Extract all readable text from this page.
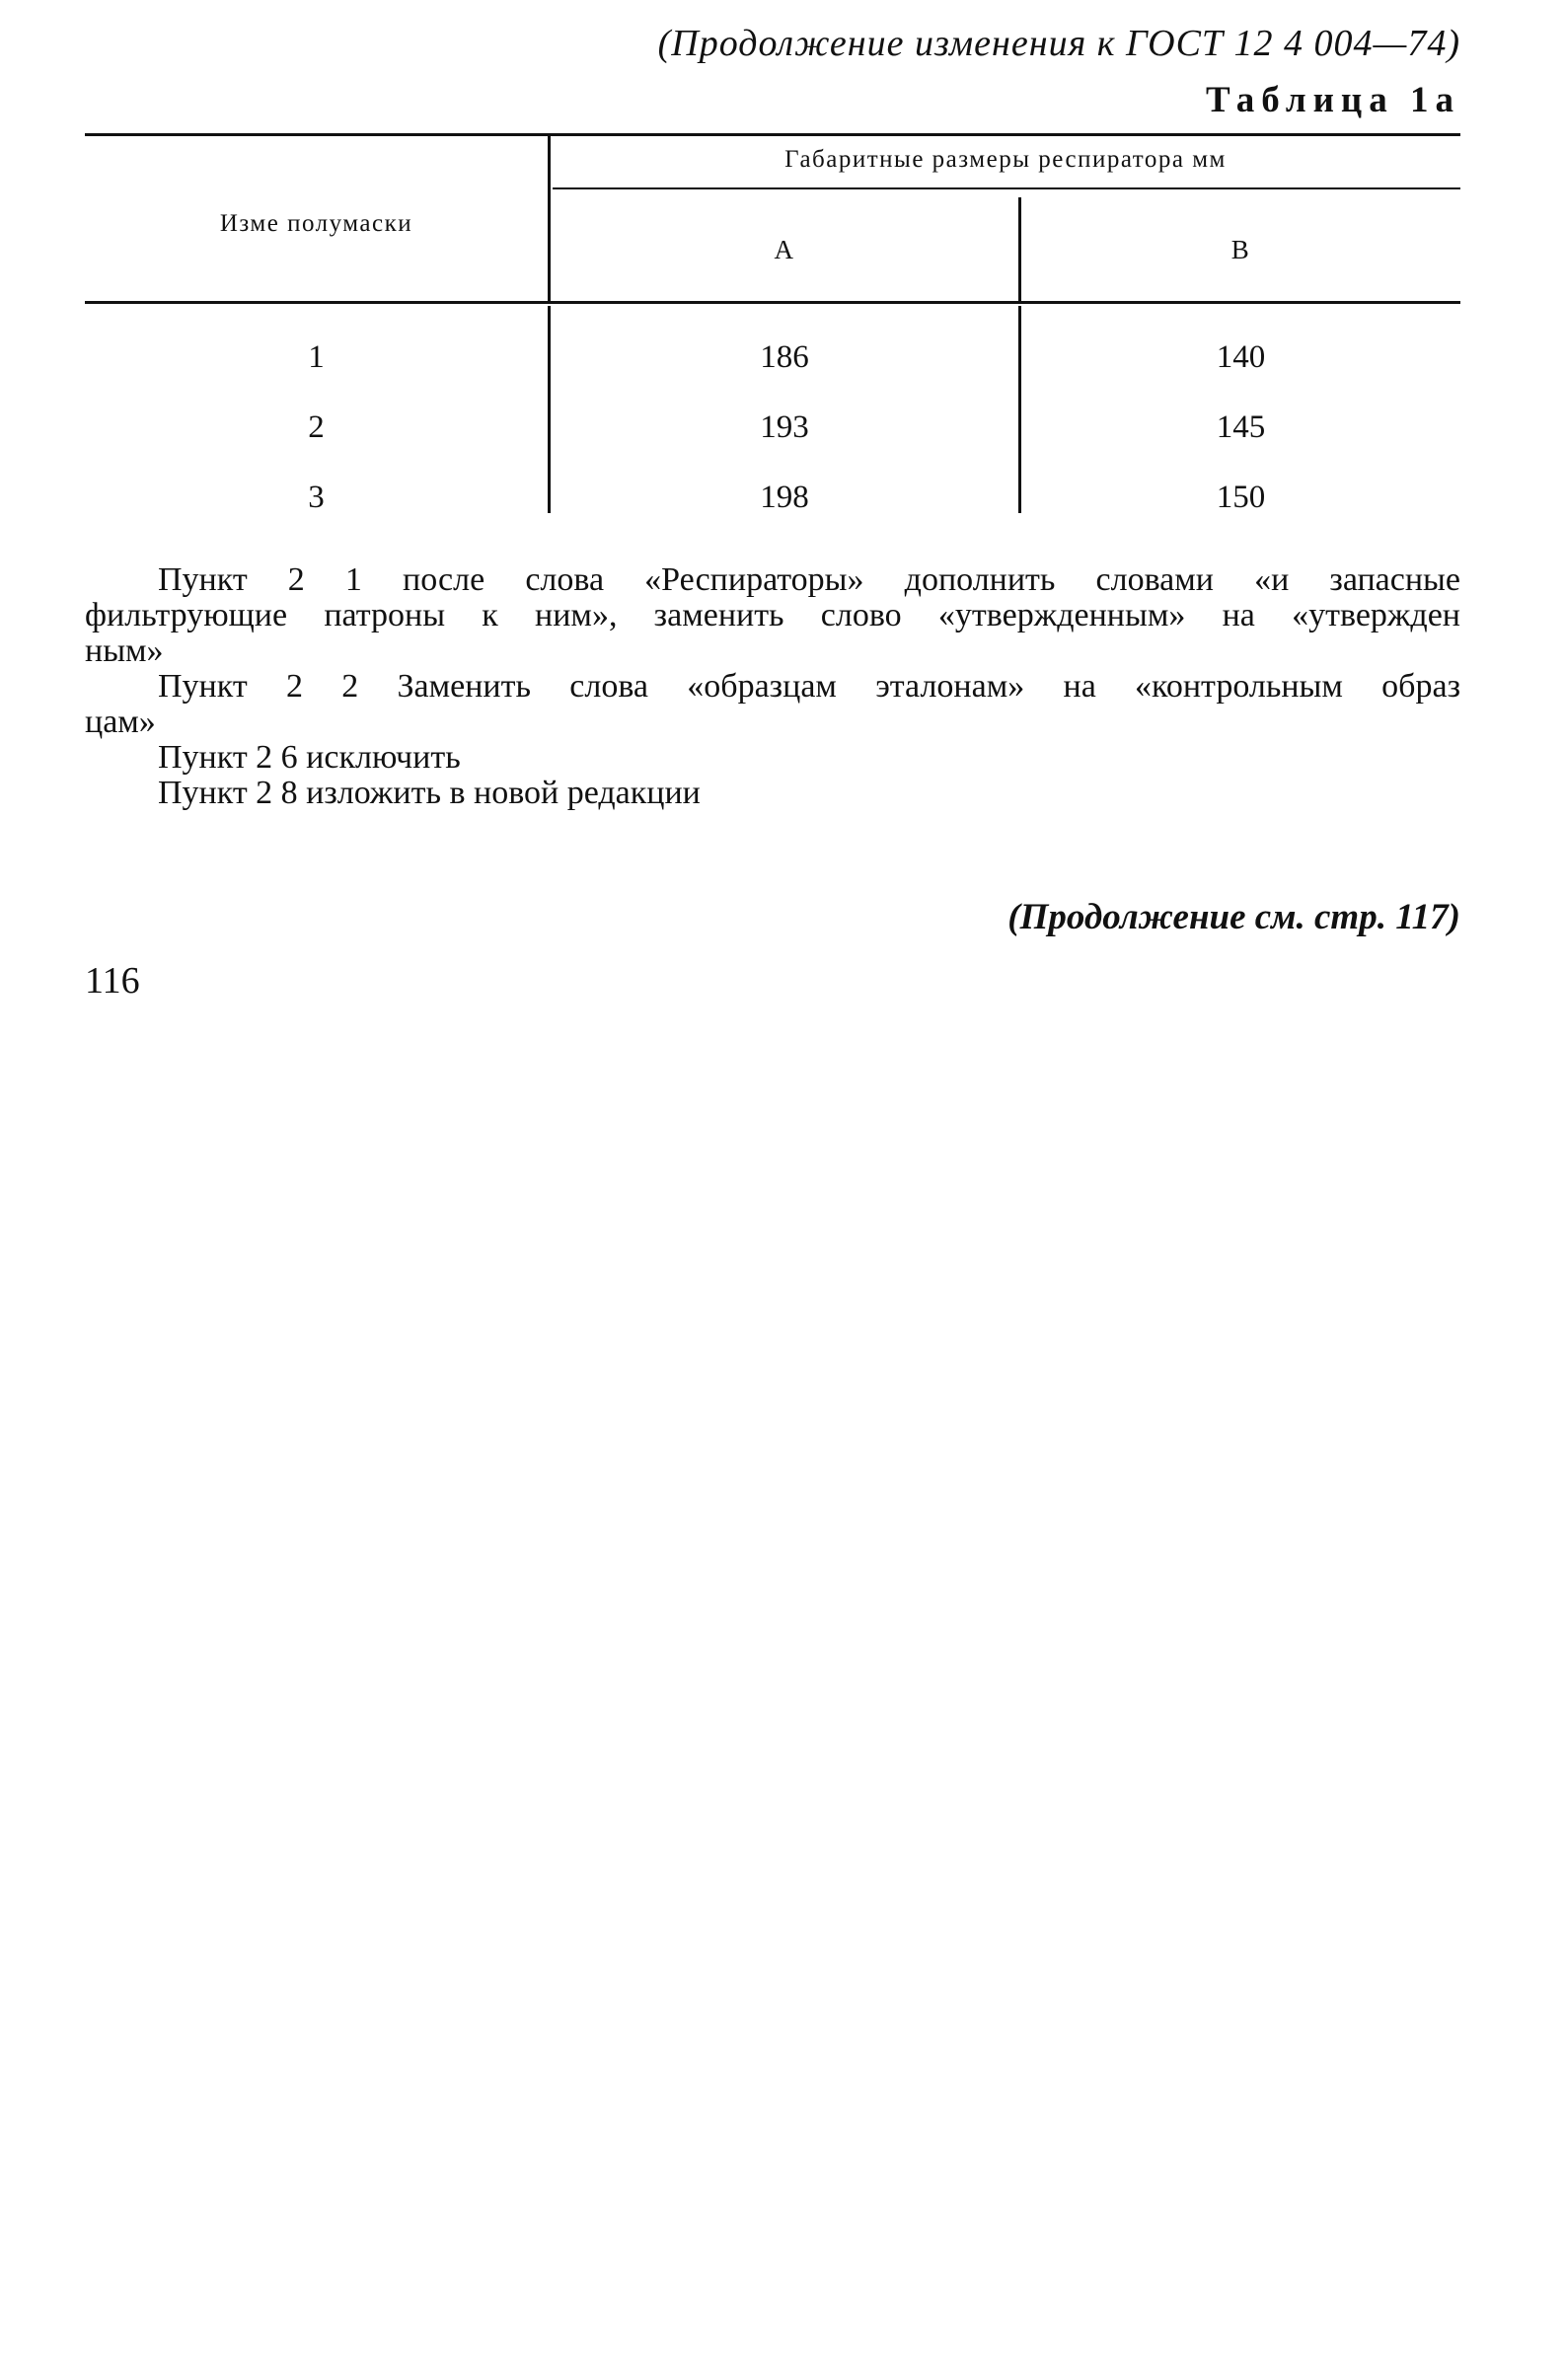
(Продолжение изменения к ГОСТ 12 4 004—74)
Таблица 1а
Изме полумаски
Габаритные размеры респиратора мм
А	В
1	186	140
2	193	145
3	198	150
Пункт 2 1 после слова «Респираторы» дополнить словами «и запасные
фильтрующие патроны к ним», заменить слово «утвержденным» на «утвержден
ным»
Пункт 2 2 Заменить слова «образцам эталонам» на «контрольным образ
цам»
Пункт 2 6 исключить
Пункт 2 8 изложить в новой редакции
(Продолжение см. стр. 117)
116
